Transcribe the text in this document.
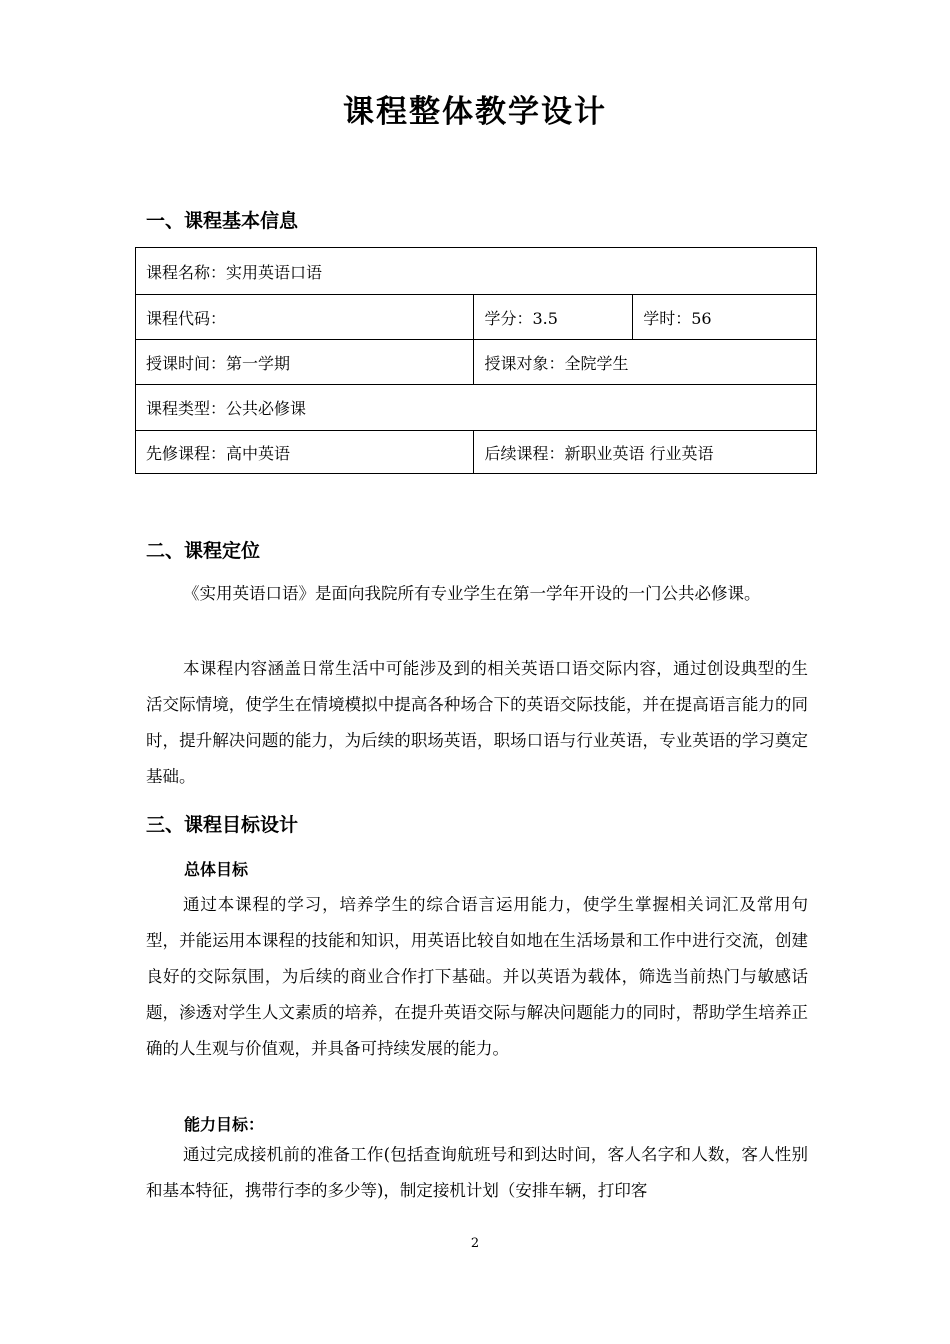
课程整体教学设计
一、课程基本信息
课程名称：实用英语口语		
课程代码：	学分：3.5	学时：56
授课时间：第一学期	授课对象：全院学生	
课程类型：公共必修课		
先修课程：高中英语	后续课程：新职业英语 行业英语	
二、课程定位

《实用英语口语》是面向我院所有专业学生在第一学年开设的一门公共必修课。

本课程内容涵盖日常生活中可能涉及到的相关英语口语交际内容，通过创设典型的生活交际情境，使学生在情境模拟中提高各种场合下的英语交际技能，并在提高语言能力的同时，提升解决问题的能力，为后续的职场英语，职场口语与行业英语，专业英语的学习奠定基础。

三、课程目标设计
总体目标

通过本课程的学习，培养学生的综合语言运用能力，使学生掌握相关词汇及常用句型，并能运用本课程的技能和知识，用英语比较自如地在生活场景和工作中进行交流，创建良好的交际氛围，为后续的商业合作打下基础。并以英语为载体，筛选当前热门与敏感话题，渗透对学生人文素质的培养，在提升英语交际与解决问题能力的同时，帮助学生培养正确的人生观与价值观，并具备可持续发展的能力。

能力目标：

通过完成接机前的准备工作(包括查询航班号和到达时间，客人名字和人数，客人性别和基本特征，携带行李的多少等)，制定接机计划（安排车辆，打印客

2
